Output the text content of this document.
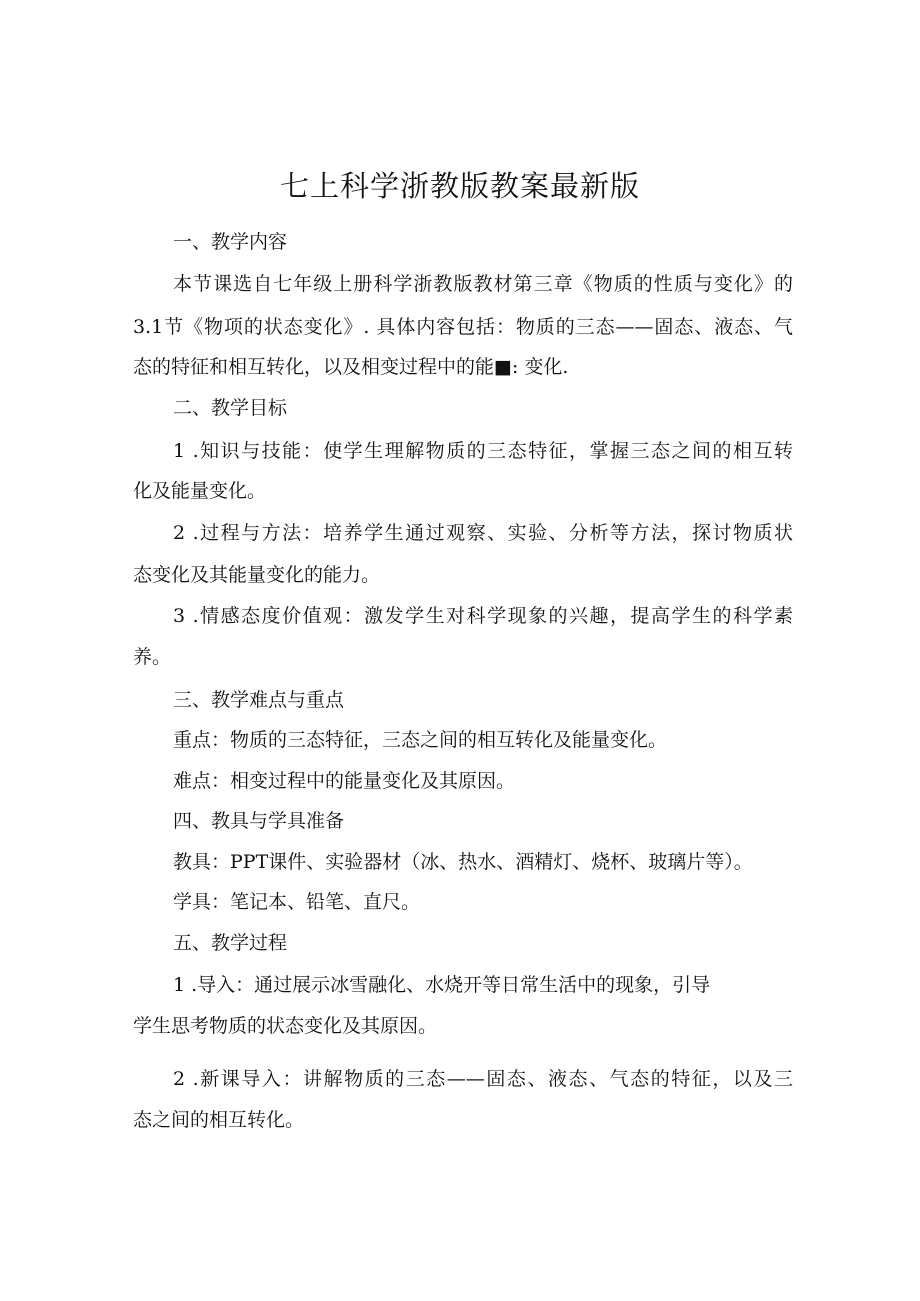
七上科学浙教版教案最新版
一、教学内容
本节课选自七年级上册科学浙教版教材第三章《物质的性质与变化》的
3.1节《物项的状态变化》. 具体内容包括：物质的三态——固态、液态、气
态的特征和相互转化，以及相变过程中的能■: 变化.
二、教学目标
1 .知识与技能：使学生理解物质的三态特征，掌握三态之间的相互转
化及能量变化。
2 .过程与方法：培养学生通过观察、实验、分析等方法，探讨物质状
态变化及其能量变化的能力。
3 .情感态度价值观：激发学生对科学现象的兴趣，提高学生的科学素
养。
三、教学难点与重点
重点：物质的三态特征，三态之间的相互转化及能量变化。
难点：相变过程中的能量变化及其原因。
四、教具与学具准备
教具：PPT课件、实验器材（冰、热水、酒精灯、烧杯、玻璃片等）。
学具：笔记本、铅笔、直尺。
五、教学过程
1 .导入：通过展示冰雪融化、水烧开等日常生活中的现象，引导
学生思考物质的状态变化及其原因。
2 .新课导入：讲解物质的三态——固态、液态、气态的特征，以及三
态之间的相互转化。
